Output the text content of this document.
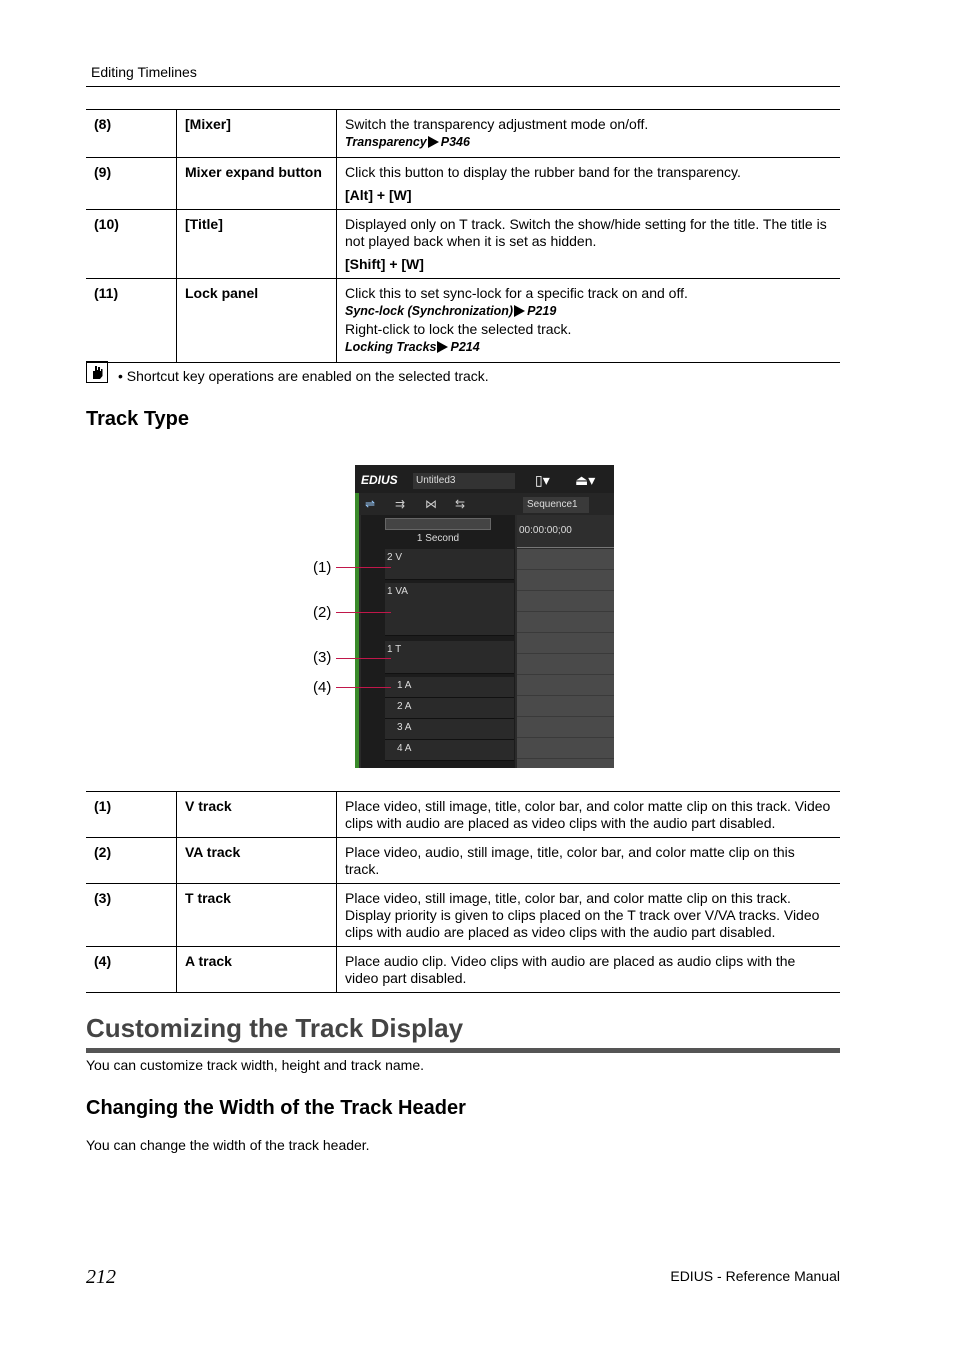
Editing Timelines
(8)	[Mixer]	Switch the transparency adjustment mode on/off.
Transparency P346

(9)	Mixer expand button	Click this button to display the rubber band for the transparency.
[Alt] + [W]

(10)	[Title]	Displayed only on T track. Switch the show/hide setting for the title. The title is not played back when it is set as hidden.
[Shift] + [W]

(11)	Lock panel	Click this to set sync-lock for a specific track on and off.
Sync-lock (Synchronization) P219
Right-click to lock the selected track.
Locking Tracks P214
• Shortcut key operations are enabled on the selected track.
Track Type
EDIUS	Untitled3	▯▾ ⏏▾
⇌ ⇉ ⋈ ⇆	Sequence1
1 Second
00:00:00;00
2 V
1 VA
1 T
1 A
2 A
3 A
4 A
(1)
(2)
(3)
(4)
(1)	V track	Place video, still image, title, color bar, and color matte clip on this track. Video clips with audio are placed as video clips with the audio part disabled.
(2)	VA track	Place video, audio, still image, title, color bar, and color matte clip on this track.
(3)	T track	Place video, still image, title, color bar, and color matte clip on this track. Display priority is given to clips placed on the T track over V/VA tracks. Video clips with audio are placed as video clips with the audio part disabled.
(4)	A track	Place audio clip. Video clips with audio are placed as audio clips with the video part disabled.
Customizing the Track Display
You can customize track width, height and track name.
Changing the Width of the Track Header
You can change the width of the track header.
212	EDIUS - Reference Manual
